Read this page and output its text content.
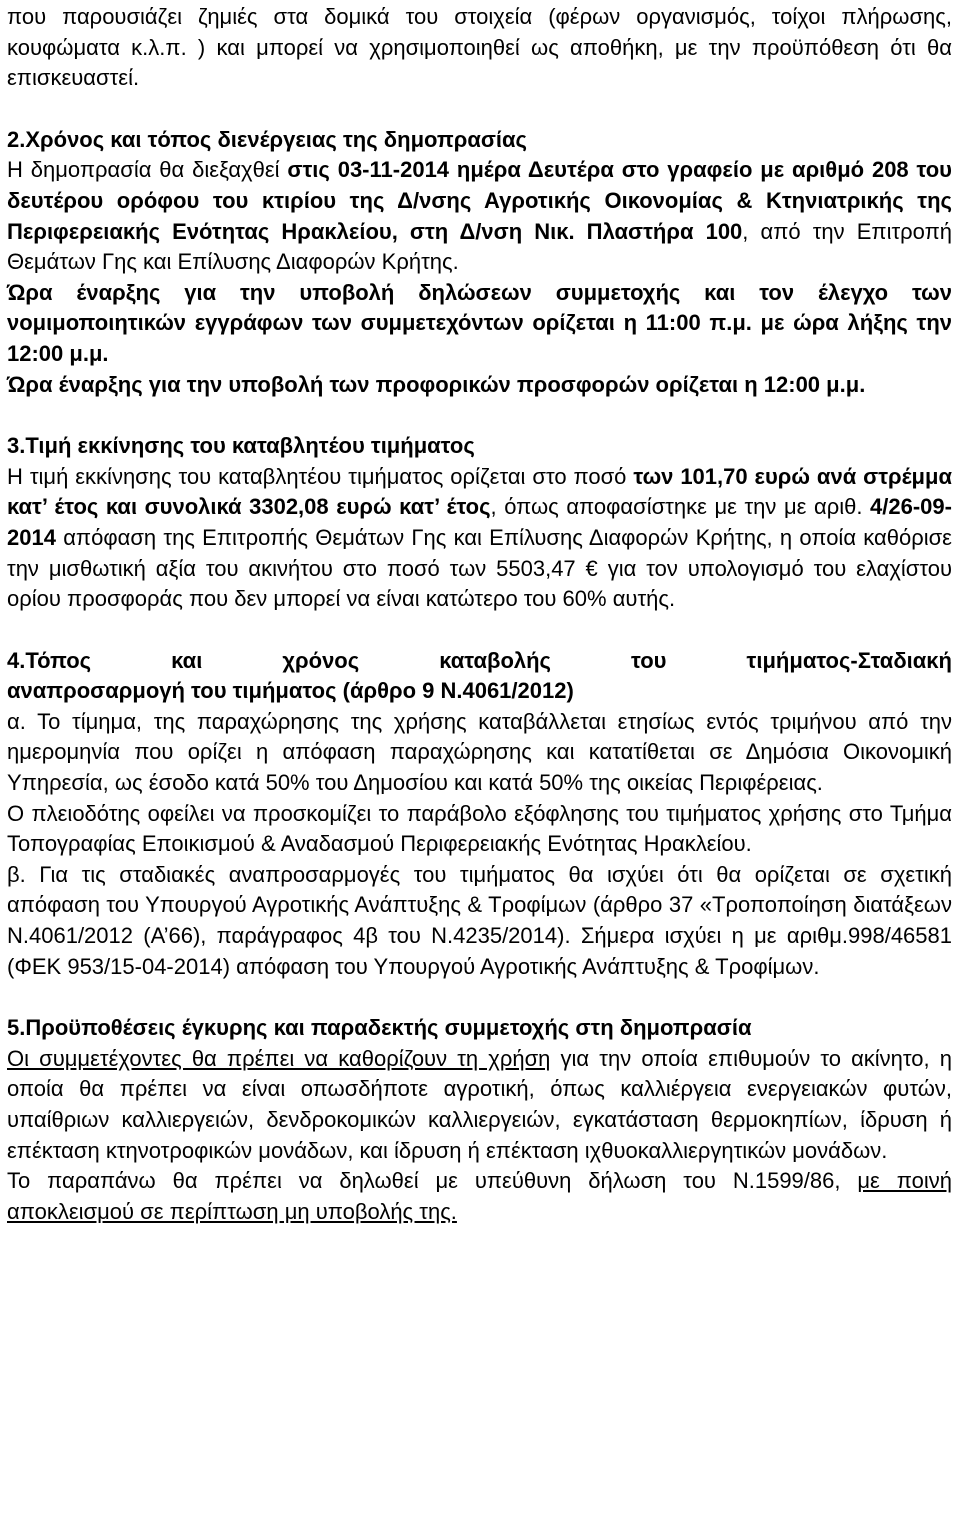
που παρουσιάζει ζημιές στα δομικά του στοιχεία (φέρων οργανισμός, τοίχοι πλήρωσης, κουφώματα κ.λ.π. ) και μπορεί να χρησιμοποιηθεί ως αποθήκη, με την προϋπόθεση ότι θα επισκευαστεί.

2.Χρόνος και τόπος διενέργειας της δημοπρασίας

Η δημοπρασία θα διεξαχθεί στις 03-11-2014 ημέρα Δευτέρα στο γραφείο με αριθμό 208 του δευτέρου ορόφου του κτιρίου της Δ/νσης Αγροτικής Οικονομίας & Κτηνιατρικής της Περιφερειακής Ενότητας Ηρακλείου, στη Δ/νση Νικ. Πλαστήρα 100, από την Επιτροπή Θεμάτων Γης και Επίλυσης Διαφορών Κρήτης.

Ώρα έναρξης για την υποβολή δηλώσεων συμμετοχής και τον έλεγχο των νομιμοποιητικών εγγράφων των συμμετεχόντων ορίζεται η 11:00 π.μ. με ώρα λήξης την 12:00 μ.μ.

Ώρα έναρξης για την υποβολή των προφορικών προσφορών ορίζεται η 12:00 μ.μ.

3.Τιμή εκκίνησης του καταβλητέου τιμήματος

Η τιμή εκκίνησης του καταβλητέου τιμήματος ορίζεται στο ποσό των 101,70 ευρώ ανά στρέμμα κατ’ έτος και συνολικά 3302,08 ευρώ κατ’ έτος, όπως αποφασίστηκε με την με αριθ. 4/26-09-2014 απόφαση της Επιτροπής Θεμάτων Γης και Επίλυσης Διαφορών Κρήτης, η οποία καθόρισε την μισθωτική αξία του ακινήτου στο ποσό των 5503,47 € για τον υπολογισμό του ελαχίστου ορίου προσφοράς που δεν μπορεί να είναι κατώτερο του 60% αυτής.

4.Τόπος και χρόνος καταβολής του τιμήματος-Σταδιακή

αναπροσαρμογή του τιμήματος (άρθρο 9 Ν.4061/2012)

α. Το τίμημα, της παραχώρησης της χρήσης καταβάλλεται ετησίως εντός τριμήνου από την ημερομηνία που ορίζει η απόφαση παραχώρησης και κατατίθεται σε Δημόσια Οικονομική Υπηρεσία, ως έσοδο κατά 50% του Δημοσίου και κατά 50% της οικείας Περιφέρειας.

Ο πλειοδότης οφείλει να προσκομίζει το παράβολο εξόφλησης του τιμήματος χρήσης στο Τμήμα Τοπογραφίας Εποικισμού & Αναδασμού Περιφερειακής Ενότητας Ηρακλείου.

β. Για τις σταδιακές αναπροσαρμογές του τιμήματος θα ισχύει ότι θα ορίζεται σε σχετική απόφαση του Υπουργού Αγροτικής Ανάπτυξης & Τροφίμων (άρθρο 37 «Τροποποίηση διατάξεων Ν.4061/2012 (Α’66), παράγραφος 4β του Ν.4235/2014). Σήμερα ισχύει η με αριθμ.998/46581 (ΦΕΚ 953/15-04-2014) απόφαση του Υπουργού Αγροτικής Ανάπτυξης & Τροφίμων.

5.Προϋποθέσεις έγκυρης και παραδεκτής συμμετοχής στη δημοπρασία

Οι συμμετέχοντες θα πρέπει να καθορίζουν τη χρήση για την οποία επιθυμούν το ακίνητο, η οποία θα πρέπει να είναι οπωσδήποτε αγροτική, όπως καλλιέργεια ενεργειακών φυτών, υπαίθριων καλλιεργειών, δενδροκομικών καλλιεργειών, εγκατάσταση θερμοκηπίων, ίδρυση ή επέκταση κτηνοτροφικών μονάδων, και ίδρυση ή επέκταση ιχθυοκαλλιεργητικών μονάδων.

Το παραπάνω θα πρέπει να δηλωθεί με υπεύθυνη δήλωση του Ν.1599/86, με ποινή αποκλεισμού σε περίπτωση μη υποβολής της.
